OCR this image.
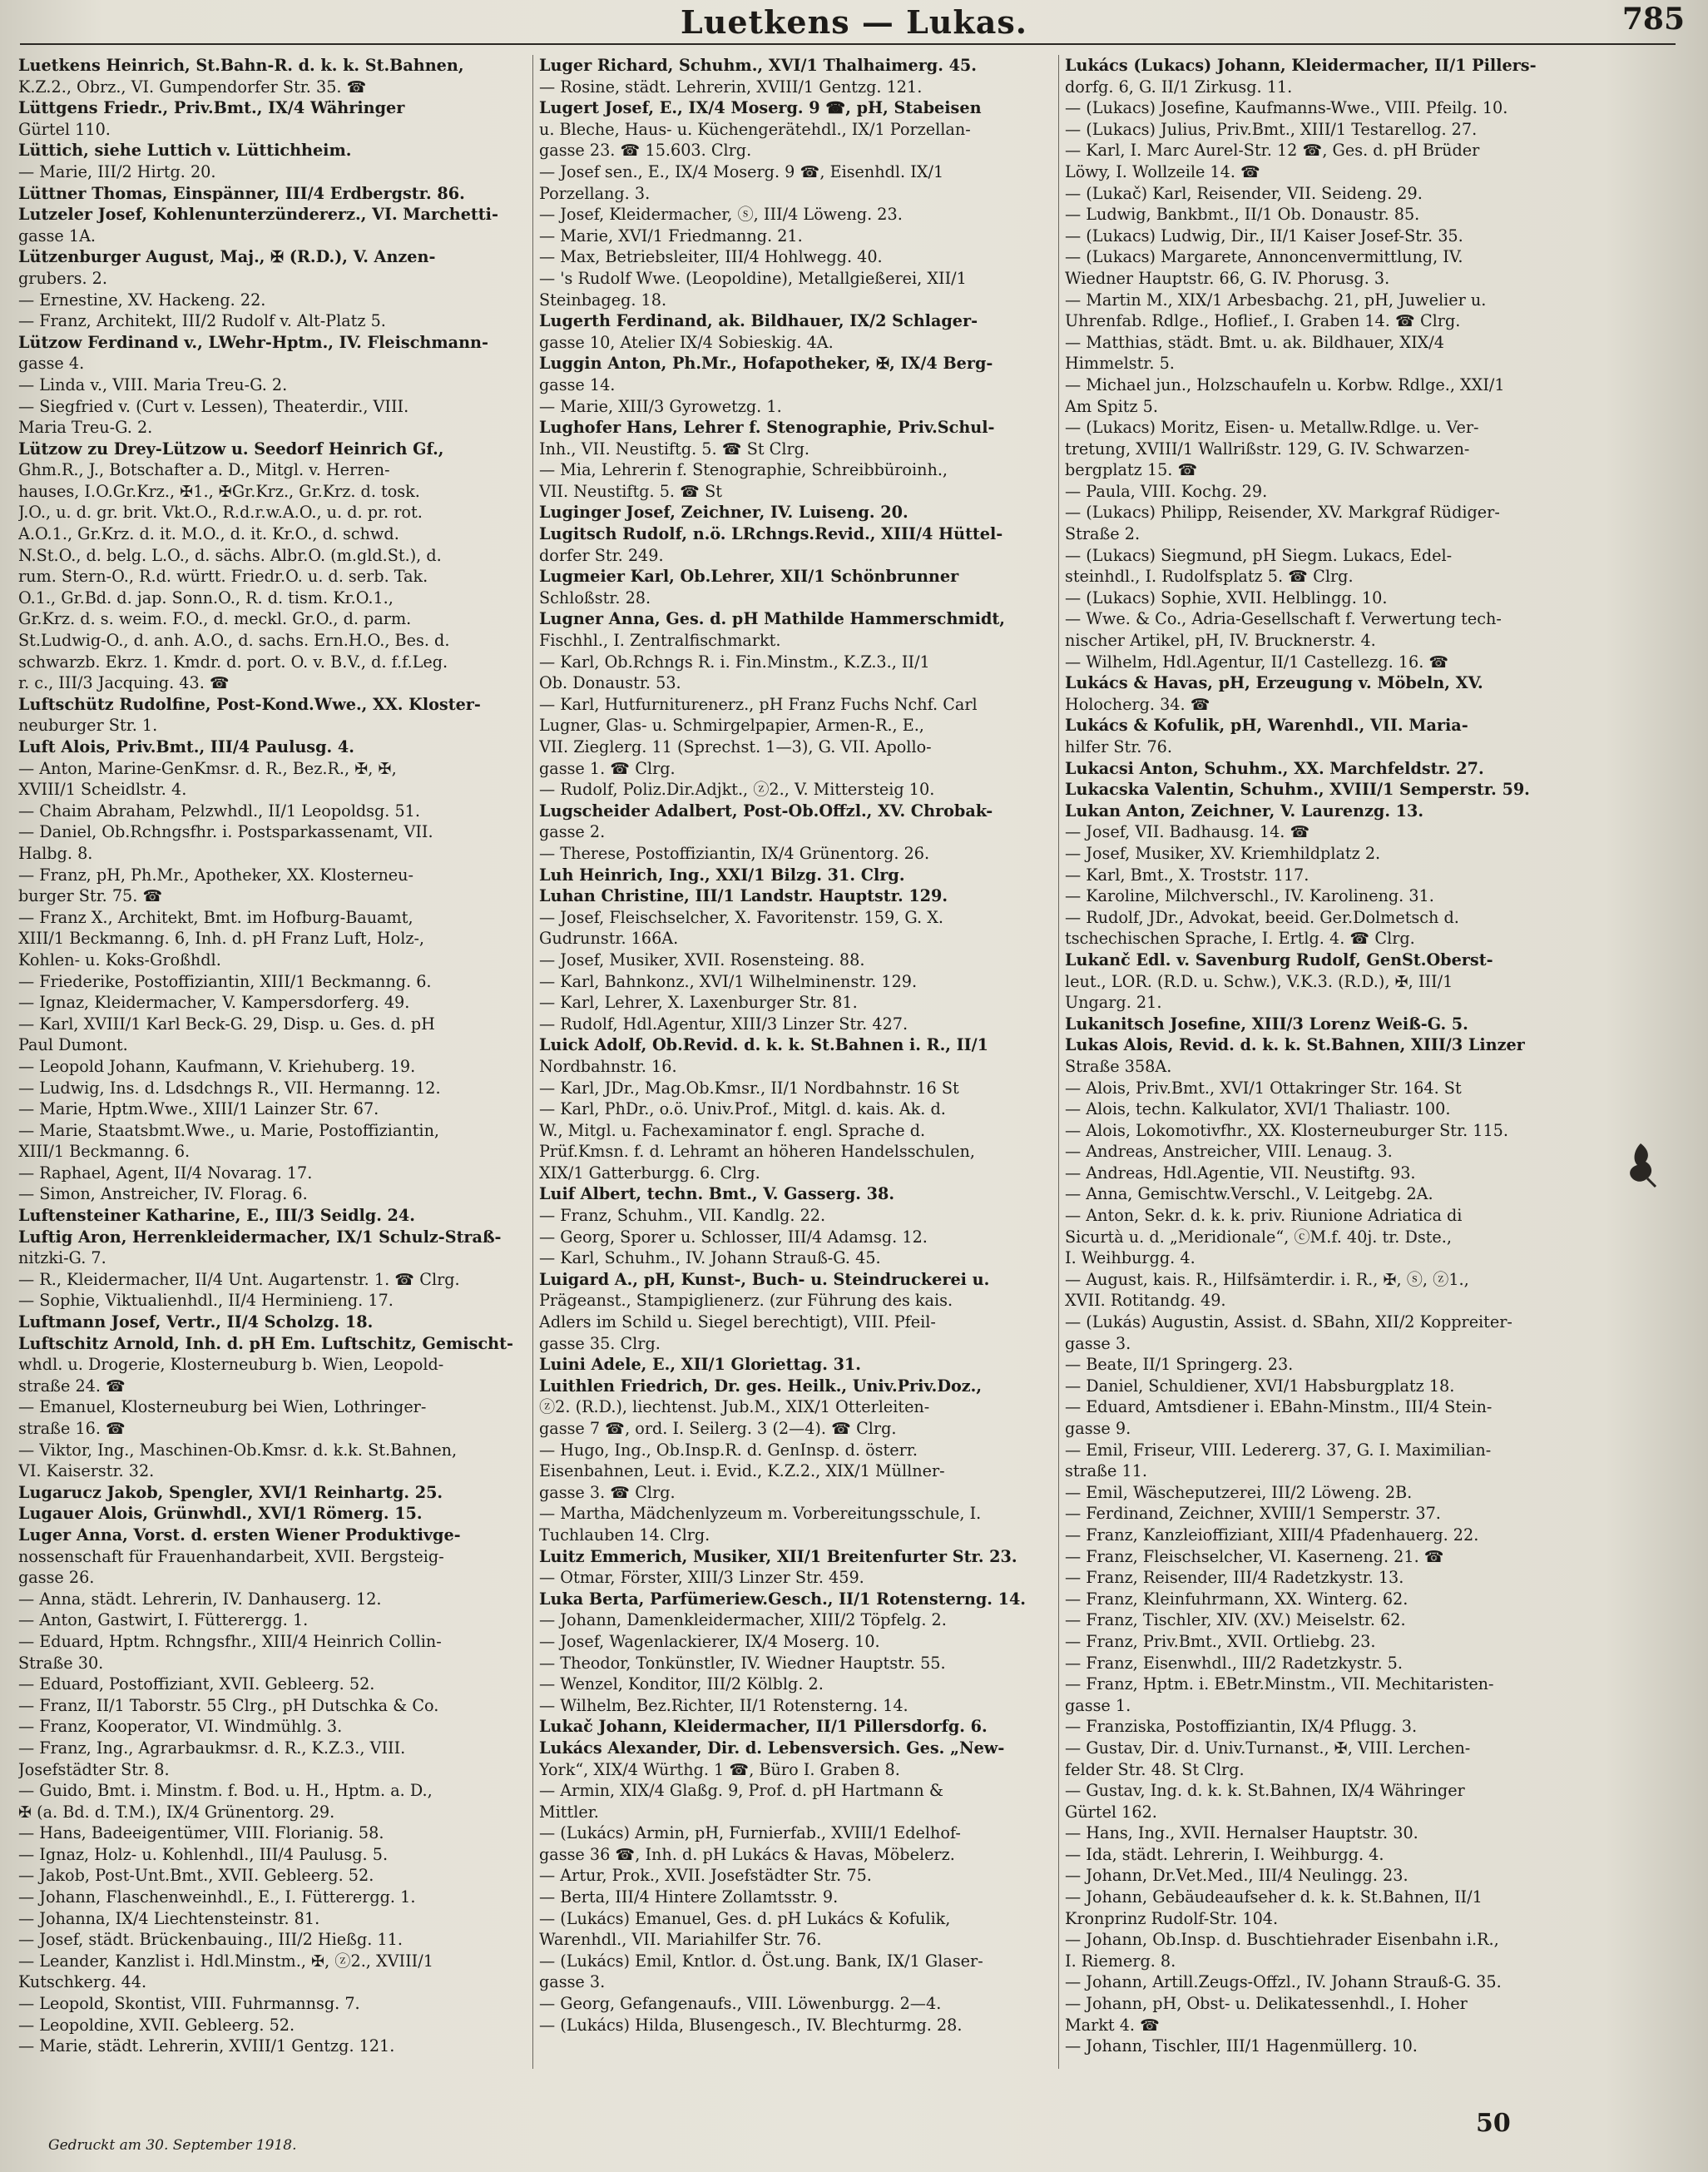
Luetkens — Lukas.	785
Luetkens Heinrich, St.Bahn-R. d. k. k. St.Bahnen,
K.Z.2., Obrz., VI. Gumpendorfer Str. 35. ☎
Lüttgens Friedr., Priv.Bmt., IX/4 Währinger
Gürtel 110.
Lüttich, siehe Luttich v. Lüttichheim.
— Marie, III/2 Hirtg. 20.
Lüttner Thomas, Einspänner, III/4 Erdbergstr. 86.
Lutzeler Josef, Kohlenunterzündererz., VI. Marchetti-
gasse 1A.
Lützenburger August, Maj., ✠ (R.D.), V. Anzen-
grubers. 2.
— Ernestine, XV. Hackeng. 22.
— Franz, Architekt, III/2 Rudolf v. Alt-Platz 5.
Lützow Ferdinand v., LWehr-Hptm., IV. Fleischmann-
gasse 4.
— Linda v., VIII. Maria Treu-G. 2.
— Siegfried v. (Curt v. Lessen), Theaterdir., VIII.
Maria Treu-G. 2.
Lützow zu Drey-Lützow u. Seedorf Heinrich Gf.,
Ghm.R., J., Botschafter a. D., Mitgl. v. Herren-
hauses, I.O.Gr.Krz., ✠1., ✠Gr.Krz., Gr.Krz. d. tosk.
J.O., u. d. gr. brit. Vkt.O., R.d.r.w.A.O., u. d. pr. rot.
A.O.1., Gr.Krz. d. it. M.O., d. it. Kr.O., d. schwd.
N.St.O., d. belg. L.O., d. sächs. Albr.O. (m.gld.St.), d.
rum. Stern-O., R.d. württ. Friedr.O. u. d. serb. Tak.
O.1., Gr.Bd. d. jap. Sonn.O., R. d. tism. Kr.O.1.,
Gr.Krz. d. s. weim. F.O., d. meckl. Gr.O., d. parm.
St.Ludwig-O., d. anh. A.O., d. sachs. Ern.H.O., Bes. d.
schwarzb. Ekrz. 1. Kmdr. d. port. O. v. B.V., d. f.f.Leg.
r. c., III/3 Jacquing. 43. ☎
Luftschütz Rudolfine, Post-Kond.Wwe., XX. Kloster-
neuburger Str. 1.
Luft Alois, Priv.Bmt., III/4 Paulusg. 4.
— Anton, Marine-GenKmsr. d. R., Bez.R., ✠, ✠,
XVIII/1 Scheidlstr. 4.
— Chaim Abraham, Pelzwhdl., II/1 Leopoldsg. 51.
— Daniel, Ob.Rchngsfhr. i. Postsparkassenamt, VII.
Halbg. 8.
— Franz, pH, Ph.Mr., Apotheker, XX. Klosterneu-
burger Str. 75. ☎
— Franz X., Architekt, Bmt. im Hofburg-Bauamt,
XIII/1 Beckmanng. 6, Inh. d. pH Franz Luft, Holz-,
Kohlen- u. Koks-Großhdl.
— Friederike, Postoffiziantin, XIII/1 Beckmanng. 6.
— Ignaz, Kleidermacher, V. Kampersdorferg. 49.
— Karl, XVIII/1 Karl Beck-G. 29, Disp. u. Ges. d. pH
Paul Dumont.
— Leopold Johann, Kaufmann, V. Kriehuberg. 19.
— Ludwig, Ins. d. Ldsdchngs R., VII. Hermanng. 12.
— Marie, Hptm.Wwe., XIII/1 Lainzer Str. 67.
— Marie, Staatsbmt.Wwe., u. Marie, Postoffiziantin,
XIII/1 Beckmanng. 6.
— Raphael, Agent, II/4 Novarag. 17.
— Simon, Anstreicher, IV. Florag. 6.
Luftensteiner Katharine, E., III/3 Seidlg. 24.
Luftig Aron, Herrenkleidermacher, IX/1 Schulz-Straß-
nitzki-G. 7.
— R., Kleidermacher, II/4 Unt. Augartenstr. 1. ☎ Clrg.
— Sophie, Viktualienhdl., II/4 Herminieng. 17.
Luftmann Josef, Vertr., II/4 Scholzg. 18.
Luftschitz Arnold, Inh. d. pH Em. Luftschitz, Gemischt-
whdl. u. Drogerie, Klosterneuburg b. Wien, Leopold-
straße 24. ☎
— Emanuel, Klosterneuburg bei Wien, Lothringer-
straße 16. ☎
— Viktor, Ing., Maschinen-Ob.Kmsr. d. k.k. St.Bahnen,
VI. Kaiserstr. 32.
Lugarucz Jakob, Spengler, XVI/1 Reinhartg. 25.
Lugauer Alois, Grünwhdl., XVI/1 Römerg. 15.
Luger Anna, Vorst. d. ersten Wiener Produktivge-
nossenschaft für Frauenhandarbeit, XVII. Bergsteig-
gasse 26.
— Anna, städt. Lehrerin, IV. Danhauserg. 12.
— Anton, Gastwirt, I. Fütterergg. 1.
— Eduard, Hptm. Rchngsfhr., XIII/4 Heinrich Collin-
Straße 30.
— Eduard, Postoffiziant, XVII. Gebleerg. 52.
— Franz, II/1 Taborstr. 55 Clrg., pH Dutschka & Co.
— Franz, Kooperator, VI. Windmühlg. 3.
— Franz, Ing., Agrarbaukmsr. d. R., K.Z.3., VIII.
Josefstädter Str. 8.
— Guido, Bmt. i. Minstm. f. Bod. u. H., Hptm. a. D.,
✠ (a. Bd. d. T.M.), IX/4 Grünentorg. 29.
— Hans, Badeeigentümer, VIII. Florianig. 58.
— Ignaz, Holz- u. Kohlenhdl., III/4 Paulusg. 5.
— Jakob, Post-Unt.Bmt., XVII. Gebleerg. 52.
— Johann, Flaschenweinhdl., E., I. Fütterergg. 1.
— Johanna, IX/4 Liechtensteinstr. 81.
— Josef, städt. Brückenbauing., III/2 Hießg. 11.
— Leander, Kanzlist i. Hdl.Minstm., ✠, ⓩ2., XVIII/1
Kutschkerg. 44.
— Leopold, Skontist, VIII. Fuhrmannsg. 7.
— Leopoldine, XVII. Gebleerg. 52.
— Marie, städt. Lehrerin, XVIII/1 Gentzg. 121.
Luger Richard, Schuhm., XVI/1 Thalhaimerg. 45.
— Rosine, städt. Lehrerin, XVIII/1 Gentzg. 121.
Lugert Josef, E., IX/4 Moserg. 9 ☎, pH, Stabeisen
u. Bleche, Haus- u. Küchengerätehdl., IX/1 Porzellan-
gasse 23. ☎ 15.603. Clrg.
— Josef sen., E., IX/4 Moserg. 9 ☎, Eisenhdl. IX/1
Porzellang. 3.
— Josef, Kleidermacher, ⓢ, III/4 Löweng. 23.
— Marie, XVI/1 Friedmanng. 21.
— Max, Betriebsleiter, III/4 Hohlwegg. 40.
— 's Rudolf Wwe. (Leopoldine), Metallgießerei, XII/1
Steinbageg. 18.
Lugerth Ferdinand, ak. Bildhauer, IX/2 Schlager-
gasse 10, Atelier IX/4 Sobieskig. 4A.
Luggin Anton, Ph.Mr., Hofapotheker, ✠, IX/4 Berg-
gasse 14.
— Marie, XIII/3 Gyrowetzg. 1.
Lughofer Hans, Lehrer f. Stenographie, Priv.Schul-
Inh., VII. Neustiftg. 5. ☎ St Clrg.
— Mia, Lehrerin f. Stenographie, Schreibbüroinh.,
VII. Neustiftg. 5. ☎ St
Luginger Josef, Zeichner, IV. Luiseng. 20.
Lugitsch Rudolf, n.ö. LRchngs.Revid., XIII/4 Hüttel-
dorfer Str. 249.
Lugmeier Karl, Ob.Lehrer, XII/1 Schönbrunner
Schloßstr. 28.
Lugner Anna, Ges. d. pH Mathilde Hammerschmidt,
Fischhl., I. Zentralfischmarkt.
— Karl, Ob.Rchngs R. i. Fin.Minstm., K.Z.3., II/1
Ob. Donaustr. 53.
— Karl, Hutfurniturenerz., pH Franz Fuchs Nchf. Carl
Lugner, Glas- u. Schmirgelpapier, Armen-R., E.,
VII. Zieglerg. 11 (Sprechst. 1—3), G. VII. Apollo-
gasse 1. ☎ Clrg.
— Rudolf, Poliz.Dir.Adjkt., ⓩ2., V. Mittersteig 10.
Lugscheider Adalbert, Post-Ob.Offzl., XV. Chrobak-
gasse 2.
— Therese, Postoffiziantin, IX/4 Grünentorg. 26.
Luh Heinrich, Ing., XXI/1 Bilzg. 31. Clrg.
Luhan Christine, III/1 Landstr. Hauptstr. 129.
— Josef, Fleischselcher, X. Favoritenstr. 159, G. X.
Gudrunstr. 166A.
— Josef, Musiker, XVII. Rosensteing. 88.
— Karl, Bahnkonz., XVI/1 Wilhelminenstr. 129.
— Karl, Lehrer, X. Laxenburger Str. 81.
— Rudolf, Hdl.Agentur, XIII/3 Linzer Str. 427.
Luick Adolf, Ob.Revid. d. k. k. St.Bahnen i. R., II/1
Nordbahnstr. 16.
— Karl, JDr., Mag.Ob.Kmsr., II/1 Nordbahnstr. 16 St
— Karl, PhDr., o.ö. Univ.Prof., Mitgl. d. kais. Ak. d.
W., Mitgl. u. Fachexaminator f. engl. Sprache d.
Prüf.Kmsn. f. d. Lehramt an höheren Handelsschulen,
XIX/1 Gatterburgg. 6. Clrg.
Luif Albert, techn. Bmt., V. Gasserg. 38.
— Franz, Schuhm., VII. Kandlg. 22.
— Georg, Sporer u. Schlosser, III/4 Adamsg. 12.
— Karl, Schuhm., IV. Johann Strauß-G. 45.
Luigard A., pH, Kunst-, Buch- u. Steindruckerei u.
Prägeanst., Stampiglienerz. (zur Führung des kais.
Adlers im Schild u. Siegel berechtigt), VIII. Pfeil-
gasse 35. Clrg.
Luini Adele, E., XII/1 Gloriettag. 31.
Luithlen Friedrich, Dr. ges. Heilk., Univ.Priv.Doz.,
ⓩ2. (R.D.), liechtenst. Jub.M., XIX/1 Otterleiten-
gasse 7 ☎, ord. I. Seilerg. 3 (2—4). ☎ Clrg.
— Hugo, Ing., Ob.Insp.R. d. GenInsp. d. österr.
Eisenbahnen, Leut. i. Evid., K.Z.2., XIX/1 Müllner-
gasse 3. ☎ Clrg.
— Martha, Mädchenlyzeum m. Vorbereitungsschule, I.
Tuchlauben 14. Clrg.
Luitz Emmerich, Musiker, XII/1 Breitenfurter Str. 23.
— Otmar, Förster, XIII/3 Linzer Str. 459.
Luka Berta, Parfümeriew.Gesch., II/1 Rotensterng. 14.
— Johann, Damenkleidermacher, XIII/2 Töpfelg. 2.
— Josef, Wagenlackierer, IX/4 Moserg. 10.
— Theodor, Tonkünstler, IV. Wiedner Hauptstr. 55.
— Wenzel, Konditor, III/2 Kölblg. 2.
— Wilhelm, Bez.Richter, II/1 Rotensterng. 14.
Lukač Johann, Kleidermacher, II/1 Pillersdorfg. 6.
Lukács Alexander, Dir. d. Lebensversich. Ges. „New-
York“, XIX/4 Würthg. 1 ☎, Büro I. Graben 8.
— Armin, XIX/4 Glaßg. 9, Prof. d. pH Hartmann &
Mittler.
— (Lukács) Armin, pH, Furnierfab., XVIII/1 Edelhof-
gasse 36 ☎, Inh. d. pH Lukács & Havas, Möbelerz.
— Artur, Prok., XVII. Josefstädter Str. 75.
— Berta, III/4 Hintere Zollamtsstr. 9.
— (Lukács) Emanuel, Ges. d. pH Lukács & Kofulik,
Warenhdl., VII. Mariahilfer Str. 76.
— (Lukács) Emil, Kntlor. d. Öst.ung. Bank, IX/1 Glaser-
gasse 3.
— Georg, Gefangenaufs., VIII. Löwenburgg. 2—4.
— (Lukács) Hilda, Blusengesch., IV. Blechturmg. 28.
Lukács (Lukacs) Johann, Kleidermacher, II/1 Pillers-
dorfg. 6, G. II/1 Zirkusg. 11.
— (Lukacs) Josefine, Kaufmanns-Wwe., VIII. Pfeilg. 10.
— (Lukacs) Julius, Priv.Bmt., XIII/1 Testarellog. 27.
— Karl, I. Marc Aurel-Str. 12 ☎, Ges. d. pH Brüder
Löwy, I. Wollzeile 14. ☎
— (Lukač) Karl, Reisender, VII. Seideng. 29.
— Ludwig, Bankbmt., II/1 Ob. Donaustr. 85.
— (Lukacs) Ludwig, Dir., II/1 Kaiser Josef-Str. 35.
— (Lukacs) Margarete, Annoncenvermittlung, IV.
Wiedner Hauptstr. 66, G. IV. Phorusg. 3.
— Martin M., XIX/1 Arbesbachg. 21, pH, Juwelier u.
Uhrenfab. Rdlge., Hoflief., I. Graben 14. ☎ Clrg.
— Matthias, städt. Bmt. u. ak. Bildhauer, XIX/4
Himmelstr. 5.
— Michael jun., Holzschaufeln u. Korbw. Rdlge., XXI/1
Am Spitz 5.
— (Lukacs) Moritz, Eisen- u. Metallw.Rdlge. u. Ver-
tretung, XVIII/1 Wallrißstr. 129, G. IV. Schwarzen-
bergplatz 15. ☎
— Paula, VIII. Kochg. 29.
— (Lukacs) Philipp, Reisender, XV. Markgraf Rüdiger-
Straße 2.
— (Lukacs) Siegmund, pH Siegm. Lukacs, Edel-
steinhdl., I. Rudolfsplatz 5. ☎ Clrg.
— (Lukacs) Sophie, XVII. Helblingg. 10.
— Wwe. & Co., Adria-Gesellschaft f. Verwertung tech-
nischer Artikel, pH, IV. Brucknerstr. 4.
— Wilhelm, Hdl.Agentur, II/1 Castellezg. 16. ☎
Lukács & Havas, pH, Erzeugung v. Möbeln, XV.
Holocherg. 34. ☎
Lukács & Kofulik, pH, Warenhdl., VII. Maria-
hilfer Str. 76.
Lukacsi Anton, Schuhm., XX. Marchfeldstr. 27.
Lukacska Valentin, Schuhm., XVIII/1 Semperstr. 59.
Lukan Anton, Zeichner, V. Laurenzg. 13.
— Josef, VII. Badhausg. 14. ☎
— Josef, Musiker, XV. Kriemhildplatz 2.
— Karl, Bmt., X. Troststr. 117.
— Karoline, Milchverschl., IV. Karolineng. 31.
— Rudolf, JDr., Advokat, beeid. Ger.Dolmetsch d.
tschechischen Sprache, I. Ertlg. 4. ☎ Clrg.
Lukanč Edl. v. Savenburg Rudolf, GenSt.Oberst-
leut., LOR. (R.D. u. Schw.), V.K.3. (R.D.), ✠, III/1
Ungarg. 21.
Lukanitsch Josefine, XIII/3 Lorenz Weiß-G. 5.
Lukas Alois, Revid. d. k. k. St.Bahnen, XIII/3 Linzer
Straße 358A.
— Alois, Priv.Bmt., XVI/1 Ottakringer Str. 164. St
— Alois, techn. Kalkulator, XVI/1 Thaliastr. 100.
— Alois, Lokomotivfhr., XX. Klosterneuburger Str. 115.
— Andreas, Anstreicher, VIII. Lenaug. 3.
— Andreas, Hdl.Agentie, VII. Neustiftg. 93.
— Anna, Gemischtw.Verschl., V. Leitgebg. 2A.
— Anton, Sekr. d. k. k. priv. Riunione Adriatica di
Sicurtà u. d. „Meridionale“, ⓒM.f. 40j. tr. Dste.,
I. Weihburgg. 4.
— August, kais. R., Hilfsämterdir. i. R., ✠, ⓢ, ⓩ1.,
XVII. Rotitandg. 49.
— (Lukás) Augustin, Assist. d. SBahn, XII/2 Koppreiter-
gasse 3.
— Beate, II/1 Springerg. 23.
— Daniel, Schuldiener, XVI/1 Habsburgplatz 18.
— Eduard, Amtsdiener i. EBahn-Minstm., III/4 Stein-
gasse 9.
— Emil, Friseur, VIII. Ledererg. 37, G. I. Maximilian-
straße 11.
— Emil, Wäscheputzerei, III/2 Löweng. 2B.
— Ferdinand, Zeichner, XVIII/1 Semperstr. 37.
— Franz, Kanzleioffiziant, XIII/4 Pfadenhauerg. 22.
— Franz, Fleischselcher, VI. Kaserneng. 21. ☎
— Franz, Reisender, III/4 Radetzkystr. 13.
— Franz, Kleinfuhrmann, XX. Winterg. 62.
— Franz, Tischler, XIV. (XV.) Meiselstr. 62.
— Franz, Priv.Bmt., XVII. Ortliebg. 23.
— Franz, Eisenwhdl., III/2 Radetzkystr. 5.
— Franz, Hptm. i. EBetr.Minstm., VII. Mechitaristen-
gasse 1.
— Franziska, Postoffiziantin, IX/4 Pflugg. 3.
— Gustav, Dir. d. Univ.Turnanst., ✠, VIII. Lerchen-
felder Str. 48. St Clrg.
— Gustav, Ing. d. k. k. St.Bahnen, IX/4 Währinger
Gürtel 162.
— Hans, Ing., XVII. Hernalser Hauptstr. 30.
— Ida, städt. Lehrerin, I. Weihburgg. 4.
— Johann, Dr.Vet.Med., III/4 Neulingg. 23.
— Johann, Gebäudeaufseher d. k. k. St.Bahnen, II/1
Kronprinz Rudolf-Str. 104.
— Johann, Ob.Insp. d. Buschtiehrader Eisenbahn i.R.,
I. Riemerg. 8.
— Johann, Artill.Zeugs-Offzl., IV. Johann Strauß-G. 35.
— Johann, pH, Obst- u. Delikatessenhdl., I. Hoher
Markt 4. ☎
— Johann, Tischler, III/1 Hagenmüllerg. 10.
Gedruckt am 30. September 1918.
50
